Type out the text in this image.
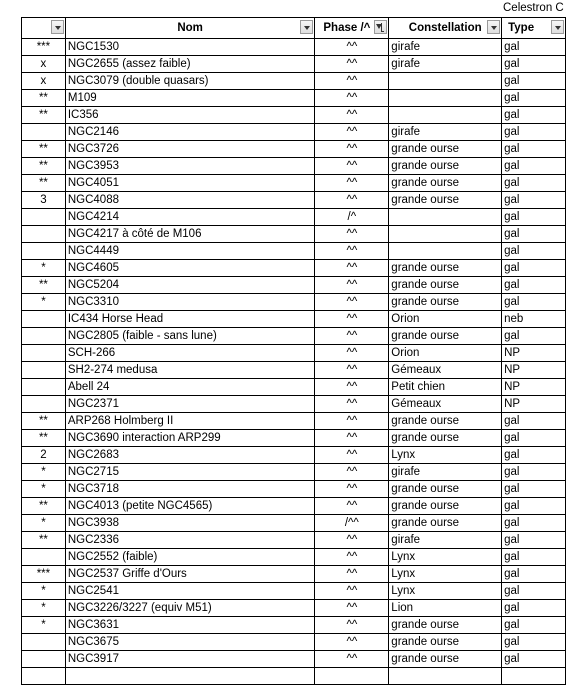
Celestron C
	Nom	Phase /^	Constellation	Type

***	NGC1530	^^	girafe	gal
x	NGC2655 (assez faible)	^^	girafe	gal
x	NGC3079 (double quasars)	^^		gal
**	M109	^^		gal
**	IC356	^^		gal
	NGC2146	^^	girafe	gal
**	NGC3726	^^	grande ourse	gal
**	NGC3953	^^	grande ourse	gal
**	NGC4051	^^	grande ourse	gal
3	NGC4088	^^	grande ourse	gal
	NGC4214	/^		gal
	NGC4217 à côté de M106	^^		gal
	NGC4449	^^		gal
*	NGC4605	^^	grande ourse	gal
**	NGC5204	^^	grande ourse	gal
*	NGC3310	^^	grande ourse	gal
	IC434 Horse Head	^^	Orion	neb
	NGC2805 (faible - sans lune)	^^	grande ourse	gal
	SCH-266	^^	Orion	NP
	SH2-274 medusa	^^	Gémeaux	NP
	Abell 24	^^	Petit chien	NP
	NGC2371	^^	Gémeaux	NP
**	ARP268 Holmberg II	^^	grande ourse	gal
**	NGC3690 interaction ARP299	^^	grande ourse	gal
2	NGC2683	^^	Lynx	gal
*	NGC2715	^^	girafe	gal
*	NGC3718	^^	grande ourse	gal
**	NGC4013 (petite NGC4565)	^^	grande ourse	gal
*	NGC3938	/^^	grande ourse	gal
**	NGC2336	^^	girafe	gal
	NGC2552 (faible)	^^	Lynx	gal
***	NGC2537 Griffe d'Ours	^^	Lynx	gal
*	NGC2541	^^	Lynx	gal
*	NGC3226/3227 (equiv M51)	^^	Lion	gal
*	NGC3631	^^	grande ourse	gal
	NGC3675	^^	grande ourse	gal
	NGC3917	^^	grande ourse	gal
